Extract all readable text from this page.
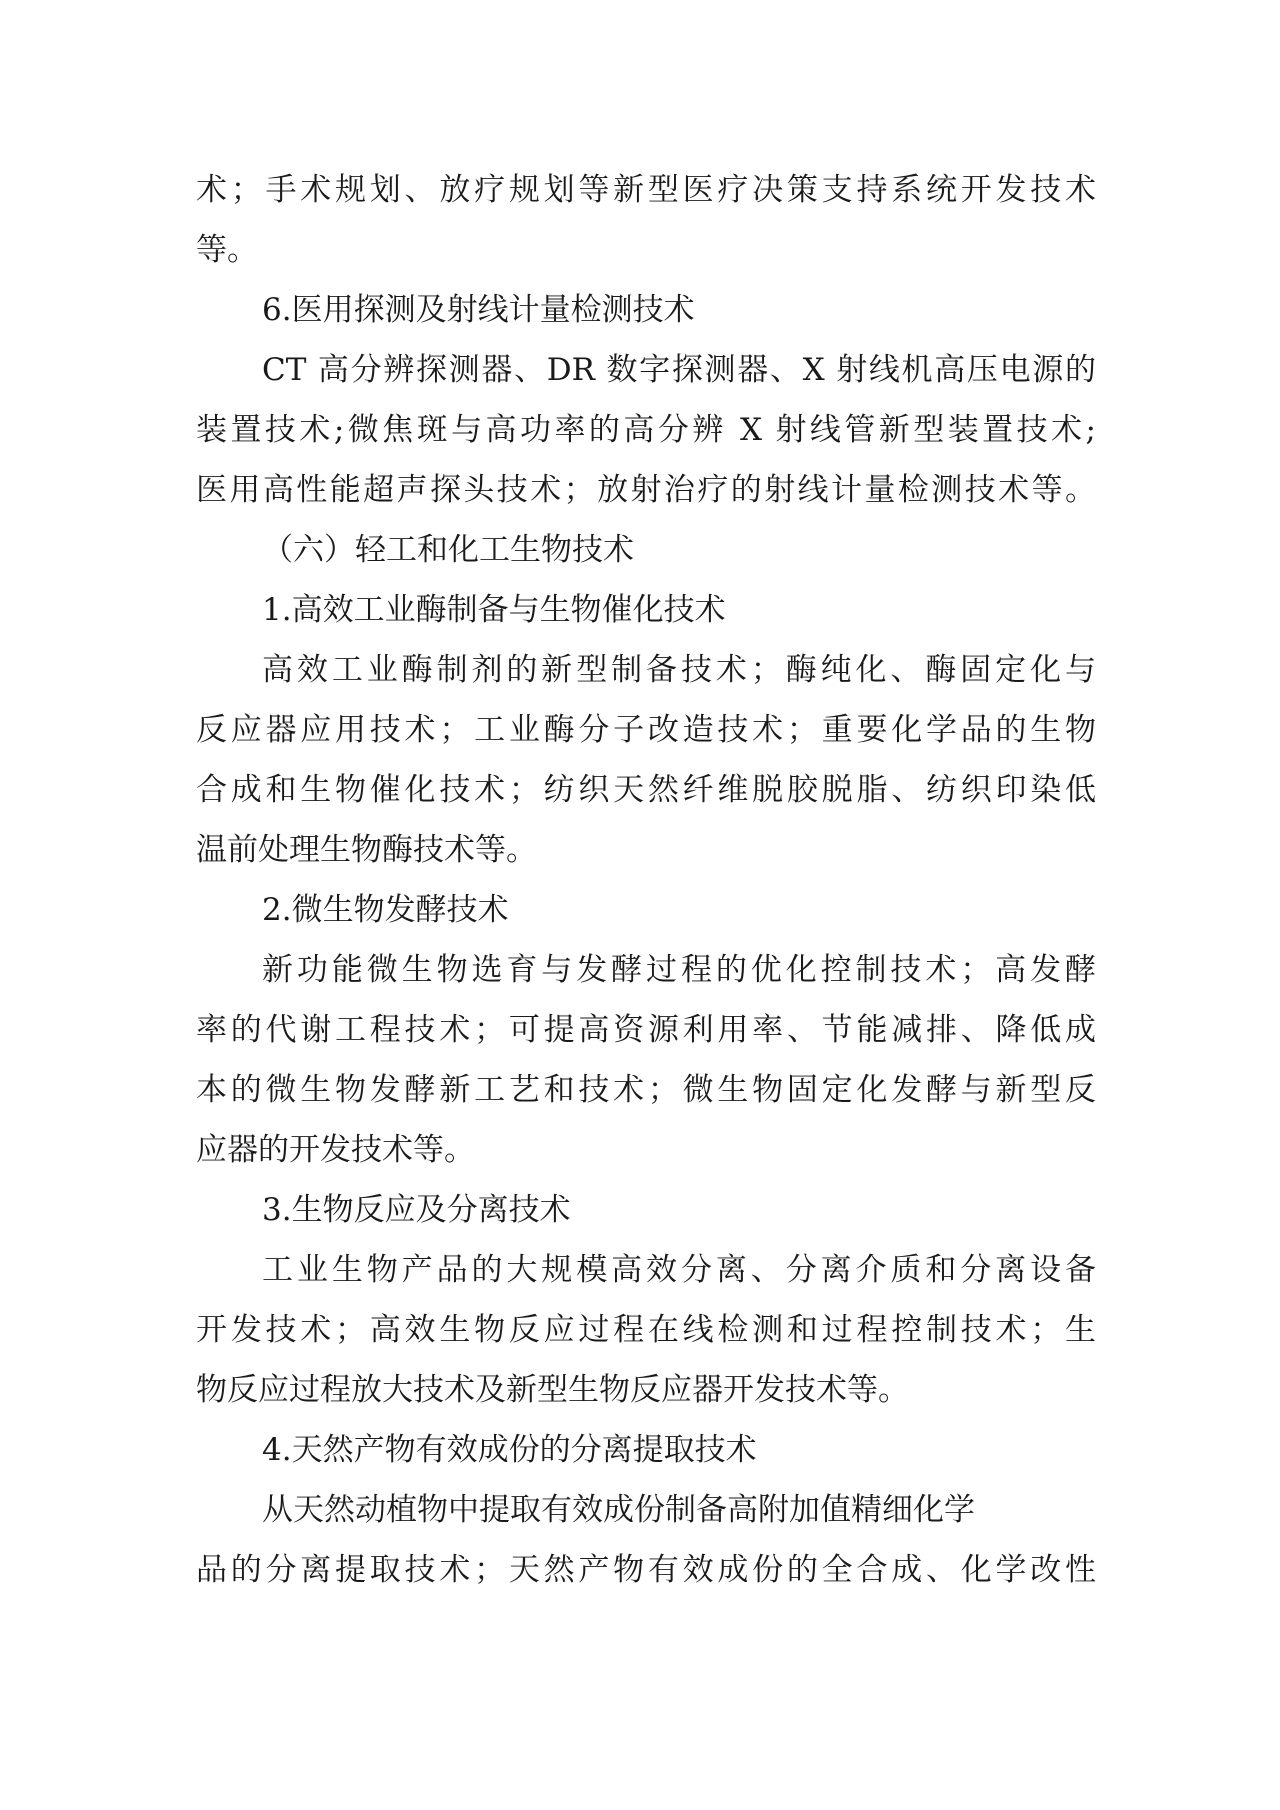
术；手术规划、放疗规划等新型医疗决策支持系统开发技术
等。
6.医用探测及射线计量检测技术
CT 高分辨探测器、DR 数字探测器、X 射线机高压电源的
装置技术;微焦斑与高功率的高分辨 X 射线管新型装置技术;
医用高性能超声探头技术；放射治疗的射线计量检测技术等。
（六）轻工和化工生物技术
1.高效工业酶制备与生物催化技术
高效工业酶制剂的新型制备技术；酶纯化、酶固定化与
反应器应用技术；工业酶分子改造技术；重要化学品的生物
合成和生物催化技术；纺织天然纤维脱胶脱脂、纺织印染低
温前处理生物酶技术等。
2.微生物发酵技术
新功能微生物选育与发酵过程的优化控制技术；高发酵
率的代谢工程技术；可提高资源利用率、节能减排、降低成
本的微生物发酵新工艺和技术；微生物固定化发酵与新型反
应器的开发技术等。
3.生物反应及分离技术
工业生物产品的大规模高效分离、分离介质和分离设备
开发技术；高效生物反应过程在线检测和过程控制技术；生
物反应过程放大技术及新型生物反应器开发技术等。
4.天然产物有效成份的分离提取技术
从天然动植物中提取有效成份制备高附加值精细化学
品的分离提取技术；天然产物有效成份的全合成、化学改性
